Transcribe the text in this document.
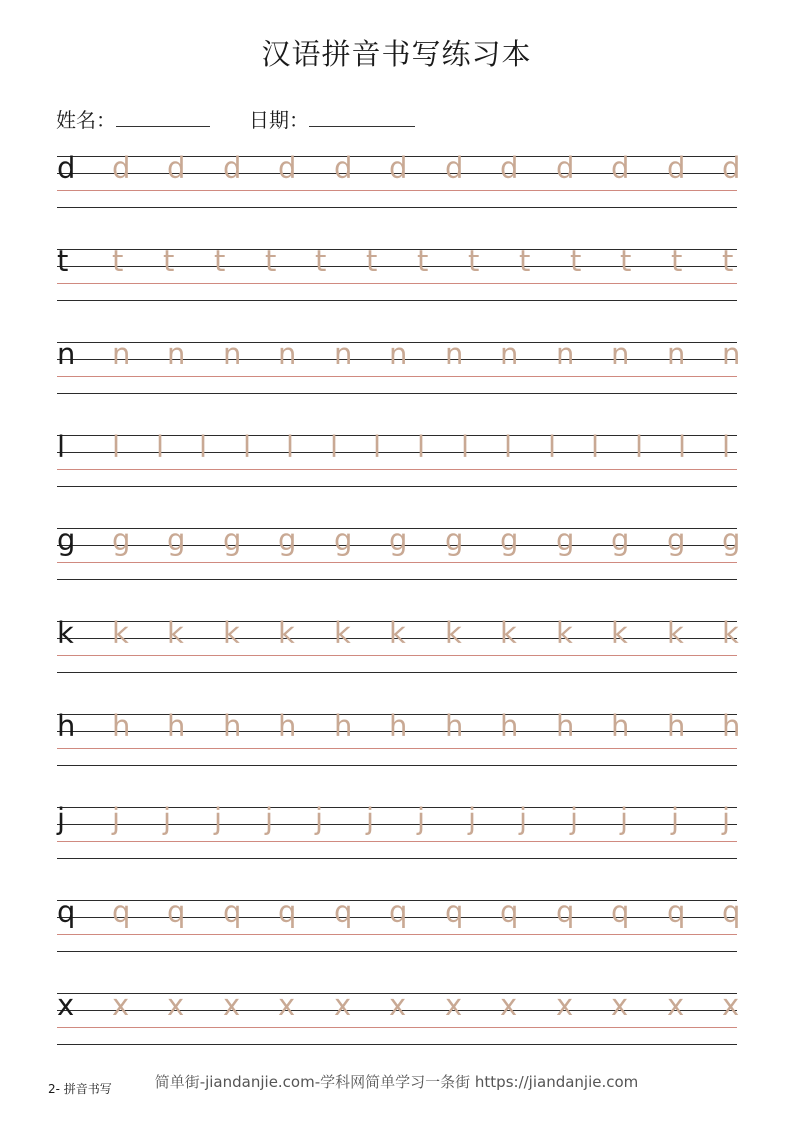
汉语拼音书写练习本
姓名：	日期：
d d d d d d d d d d d d d
t t t t t t t t t t t t t t
n n n n n n n n n n n n n
l l l l l l l l l l l l l l l l
g g g g g g g g g g g g g
k k k k k k k k k k k k k
h h h h h h h h h h h h h
j j j j j j j j j j j j j j
q q q q q q q q q q q q q
x x x x x x x x x x x x x
2- 拼音书写	简单街-jiandanjie.com-学科网简单学习一条街 https://jiandanjie.com
